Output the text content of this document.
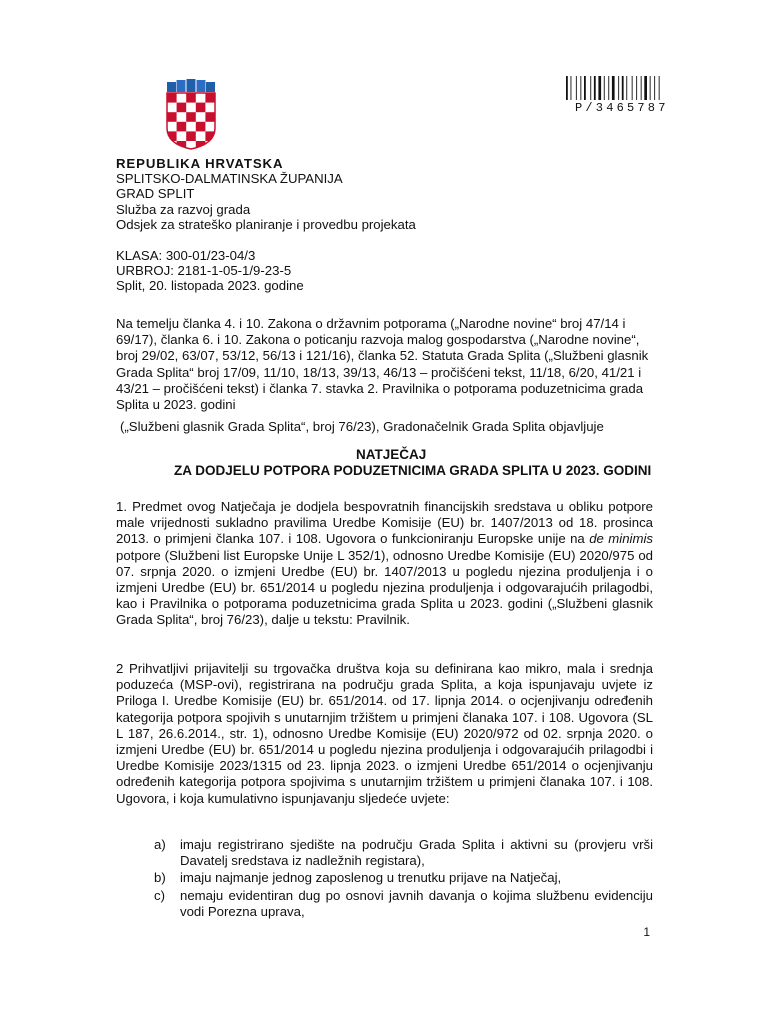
P/3465787
REPUBLIKA HRVATSKA
SPLITSKO-DALMATINSKA ŽUPANIJA
GRAD SPLIT
Služba za razvoj grada
Odsjek za strateško planiranje i provedbu projekata
KLASA: 300-01/23-04/3
URBROJ: 2181-1-05-1/9-23-5
Split, 20. listopada 2023. godine
Na temelju članka 4. i 10. Zakona o državnim potporama („Narodne novine“ broj 47/14 i 69/17), članka 6. i 10. Zakona o poticanju razvoja malog gospodarstva („Narodne novine“, broj 29/02, 63/07, 53/12, 56/13 i 121/16), članka 52. Statuta Grada Splita („Službeni glasnik Grada Splita“ broj 17/09, 11/10, 18/13, 39/13, 46/13 – pročišćeni tekst, 11/18, 6/20, 41/21 i 43/21 – pročišćeni tekst) i članka 7. stavka 2. Pravilnika o potporama poduzetnicima grada Splita u 2023. godini
(„Službeni glasnik Grada Splita“, broj 76/23), Gradonačelnik Grada Splita objavljuje
NATJEČAJ
ZA DODJELU POTPORA PODUZETNICIMA GRADA SPLITA U 2023. GODINI
1. Predmet ovog Natječaja je dodjela bespovratnih financijskih sredstava u obliku potpore male vrijednosti sukladno pravilima Uredbe Komisije (EU) br. 1407/2013 od 18. prosinca 2013. o primjeni članka 107. i 108. Ugovora o funkcioniranju Europske unije na de minimis potpore (Službeni list Europske Unije L 352/1), odnosno Uredbe Komisije (EU) 2020/975 od 07. srpnja 2020. o izmjeni Uredbe (EU) br. 1407/2013 u pogledu njezina produljenja i o izmjeni Uredbe (EU) br. 651/2014 u pogledu njezina produljenja i odgovarajućih prilagodbi, kao i Pravilnika o potporama poduzetnicima grada Splita u 2023. godini („Službeni glasnik Grada Splita“, broj 76/23), dalje u tekstu: Pravilnik.
2 Prihvatljivi prijavitelji su trgovačka društva koja su definirana kao mikro, mala i srednja poduzeća (MSP-ovi), registrirana na području grada Splita, a koja ispunjavaju uvjete iz Priloga I. Uredbe Komisije (EU) br. 651/2014. od 17. lipnja 2014. o ocjenjivanju određenih kategorija potpora spojivih s unutarnjim tržištem u primjeni članaka 107. i 108. Ugovora (SL L 187, 26.6.2014., str. 1), odnosno Uredbe Komisije (EU) 2020/972 od 02. srpnja 2020. o izmjeni Uredbe (EU) br. 651/2014 u pogledu njezina produljenja i odgovarajućih prilagodbi i Uredbe Komisije 2023/1315 od 23. lipnja 2023. o izmjeni Uredbe 651/2014 o ocjenjivanju određenih kategorija potpora spojivima s unutarnjim tržištem u primjeni članaka 107. i 108. Ugovora, i koja kumulativno ispunjavanju sljedeće uvjete:
a) imaju registrirano sjedište na području Grada Splita i aktivni su (provjeru vrši Davatelj sredstava iz nadležnih registara),
b) imaju najmanje jednog zaposlenog u trenutku prijave na Natječaj,
c) nemaju evidentiran dug po osnovi javnih davanja o kojima službenu evidenciju vodi Porezna uprava,
1
